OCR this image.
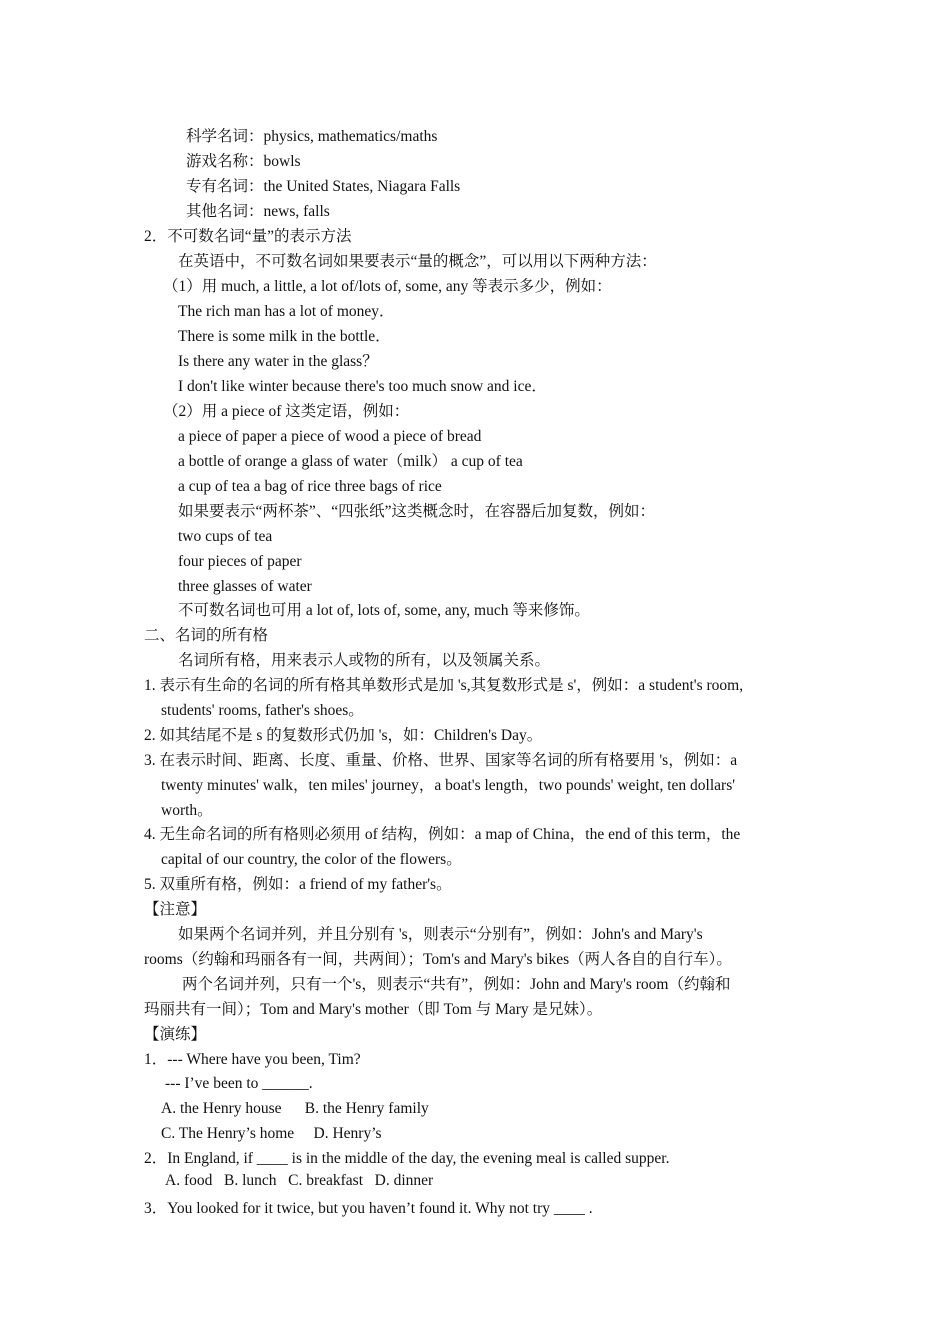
科学名词：physics, mathematics/maths
游戏名称：bowls
专有名词：the United States, Niagara Falls
其他名词：news, falls
2．不可数名词“量”的表示方法
在英语中，不可数名词如果要表示“量的概念”，可以用以下两种方法：
（1）用 much, a little, a lot of/lots of, some, any 等表示多少，例如：
The rich man has a lot of money．
There is some milk in the bottle．
Is there any water in the glass？
I don't like winter because there's too much snow and ice．
（2）用 a piece of 这类定语，例如：
a piece of paper a piece of wood a piece of bread
a bottle of orange a glass of water（milk） a cup of tea
a cup of tea a bag of rice three bags of rice
如果要表示“两杯茶”、“四张纸”这类概念时，在容器后加复数，例如：
two cups of tea
four pieces of paper
three glasses of water
不可数名词也可用 a lot of, lots of, some, any, much 等来修饰。
二、名词的所有格
名词所有格，用来表示人或物的所有，以及领属关系。
1. 表示有生命的名词的所有格其单数形式是加 's,其复数形式是 s'，例如：a student's room,
students' rooms, father's shoes。
2. 如其结尾不是 s 的复数形式仍加 's，如：Children's Day。
3. 在表示时间、距离、长度、重量、价格、世界、国家等名词的所有格要用 's，例如：a
twenty minutes' walk，ten miles' journey，a boat's length，two pounds' weight, ten dollars'
worth。
4. 无生命名词的所有格则必须用 of 结构，例如：a map of China，the end of this term，the
capital of our country, the color of the flowers。
5. 双重所有格，例如：a friend of my father's。
【注意】
如果两个名词并列，并且分别有 's，则表示“分别有”，例如：John's and Mary's
rooms（约翰和玛丽各有一间，共两间）；Tom's and Mary's bikes（两人各自的自行车）。
两个名词并列，只有一个's，则表示“共有”，例如：John and Mary's room（约翰和
玛丽共有一间）；Tom and Mary's mother（即 Tom 与 Mary 是兄妹）。
【演练】
1．--- Where have you been, Tim?
--- I’ve been to ______.
A. the Henry house      B. the Henry family
C. The Henry’s home     D. Henry’s
2．In England, if ____ is in the middle of the day, the evening meal is called supper.
A. food   B. lunch   C. breakfast   D. dinner
3．You looked for it twice, but you haven’t found it. Why not try ____ .
